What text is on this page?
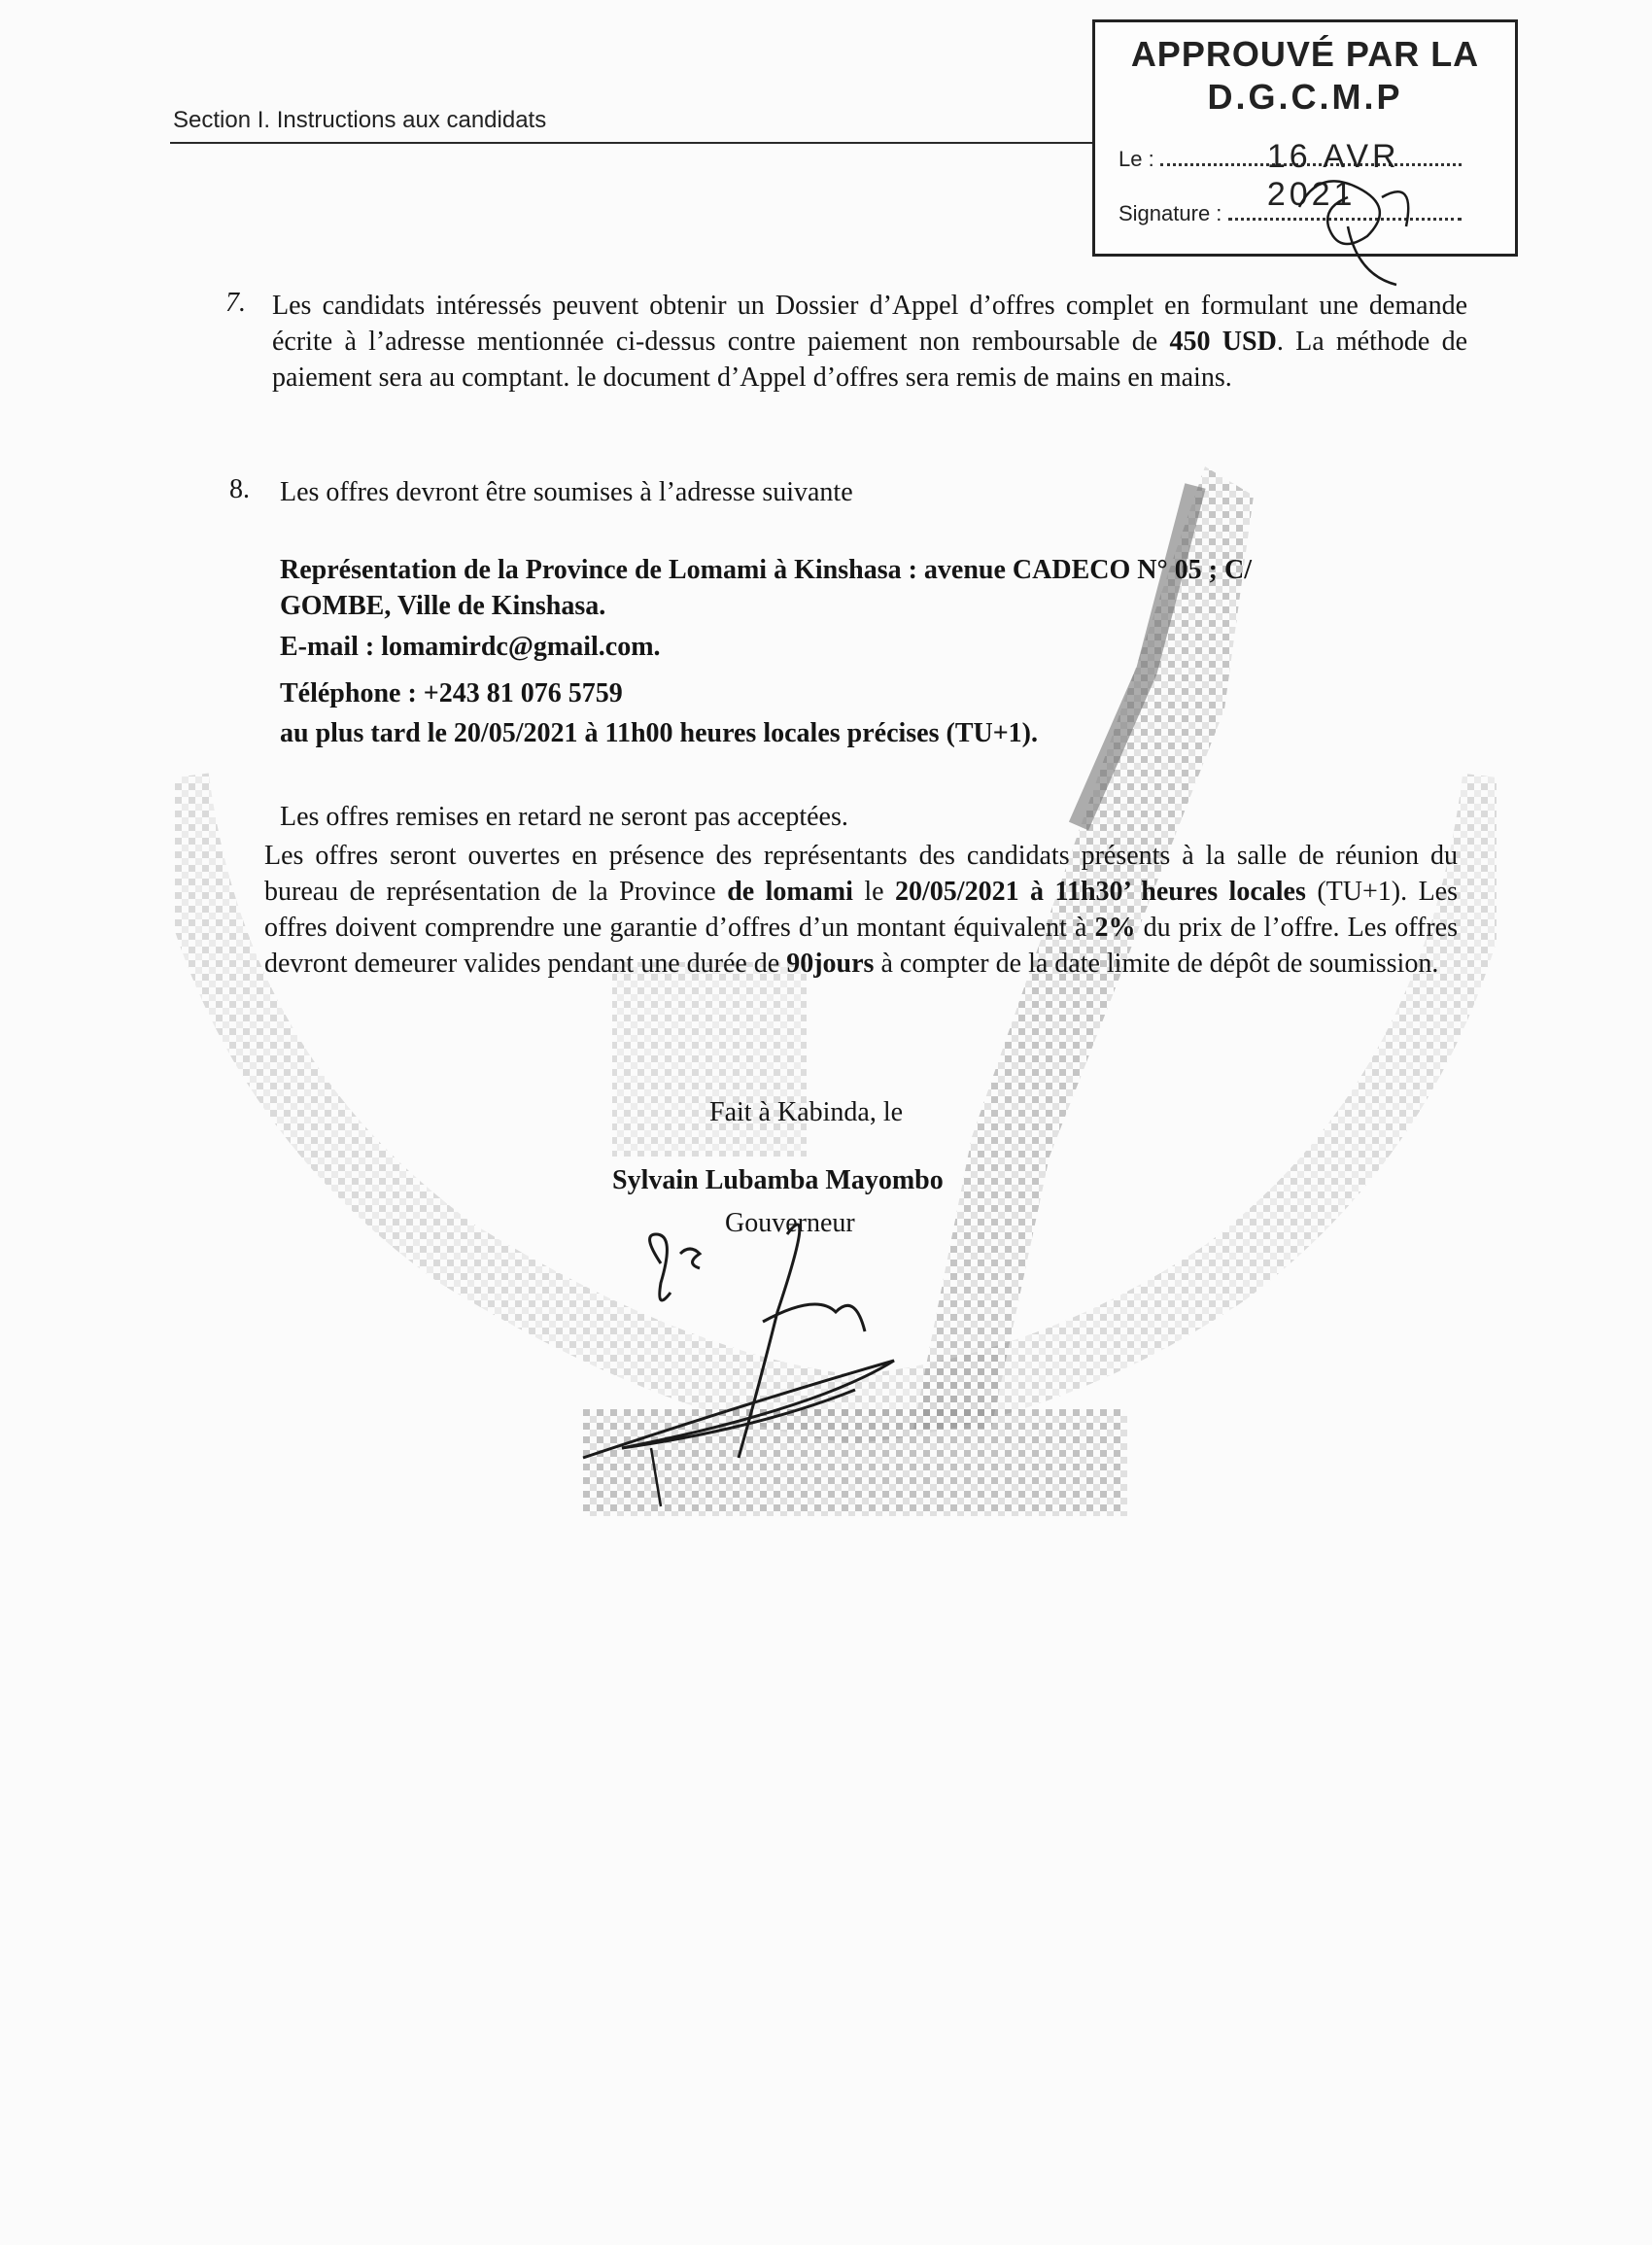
Section I. Instructions aux candidats
APPROUVÉ PAR LA
D.G.C.M.P
Le :	16 AVR 2021
Signature :
7. Les candidats intéressés peuvent obtenir un Dossier d’Appel d’offres complet en formulant une demande écrite à l’adresse mentionnée ci-dessus contre paiement non remboursable de 450 USD. La méthode de paiement sera au comptant. le document d’Appel d’offres sera remis de mains en mains.
8. Les offres devront être soumises à l’adresse suivante
Représentation de la Province de Lomami à Kinshasa : avenue CADECO N° 05 ; C/
GOMBE, Ville de Kinshasa.
E-mail : lomamirdc@gmail.com.
Téléphone : +243 81 076 5759
au plus tard le 20/05/2021 à 11h00 heures locales précises (TU+1).
Les offres remises en retard ne seront pas acceptées.
Les offres seront ouvertes en présence des représentants des candidats présents à la salle de réunion du bureau de représentation de la Province de lomami le 20/05/2021 à 11h30’ heures locales (TU+1). Les offres doivent comprendre une garantie d’offres d’un montant équivalent à 2% du prix de l’offre. Les offres devront demeurer valides pendant une durée de 90jours à compter de la date limite de dépôt de soumission.
Fait à Kabinda, le
Sylvain Lubamba Mayombo
Gouverneur
